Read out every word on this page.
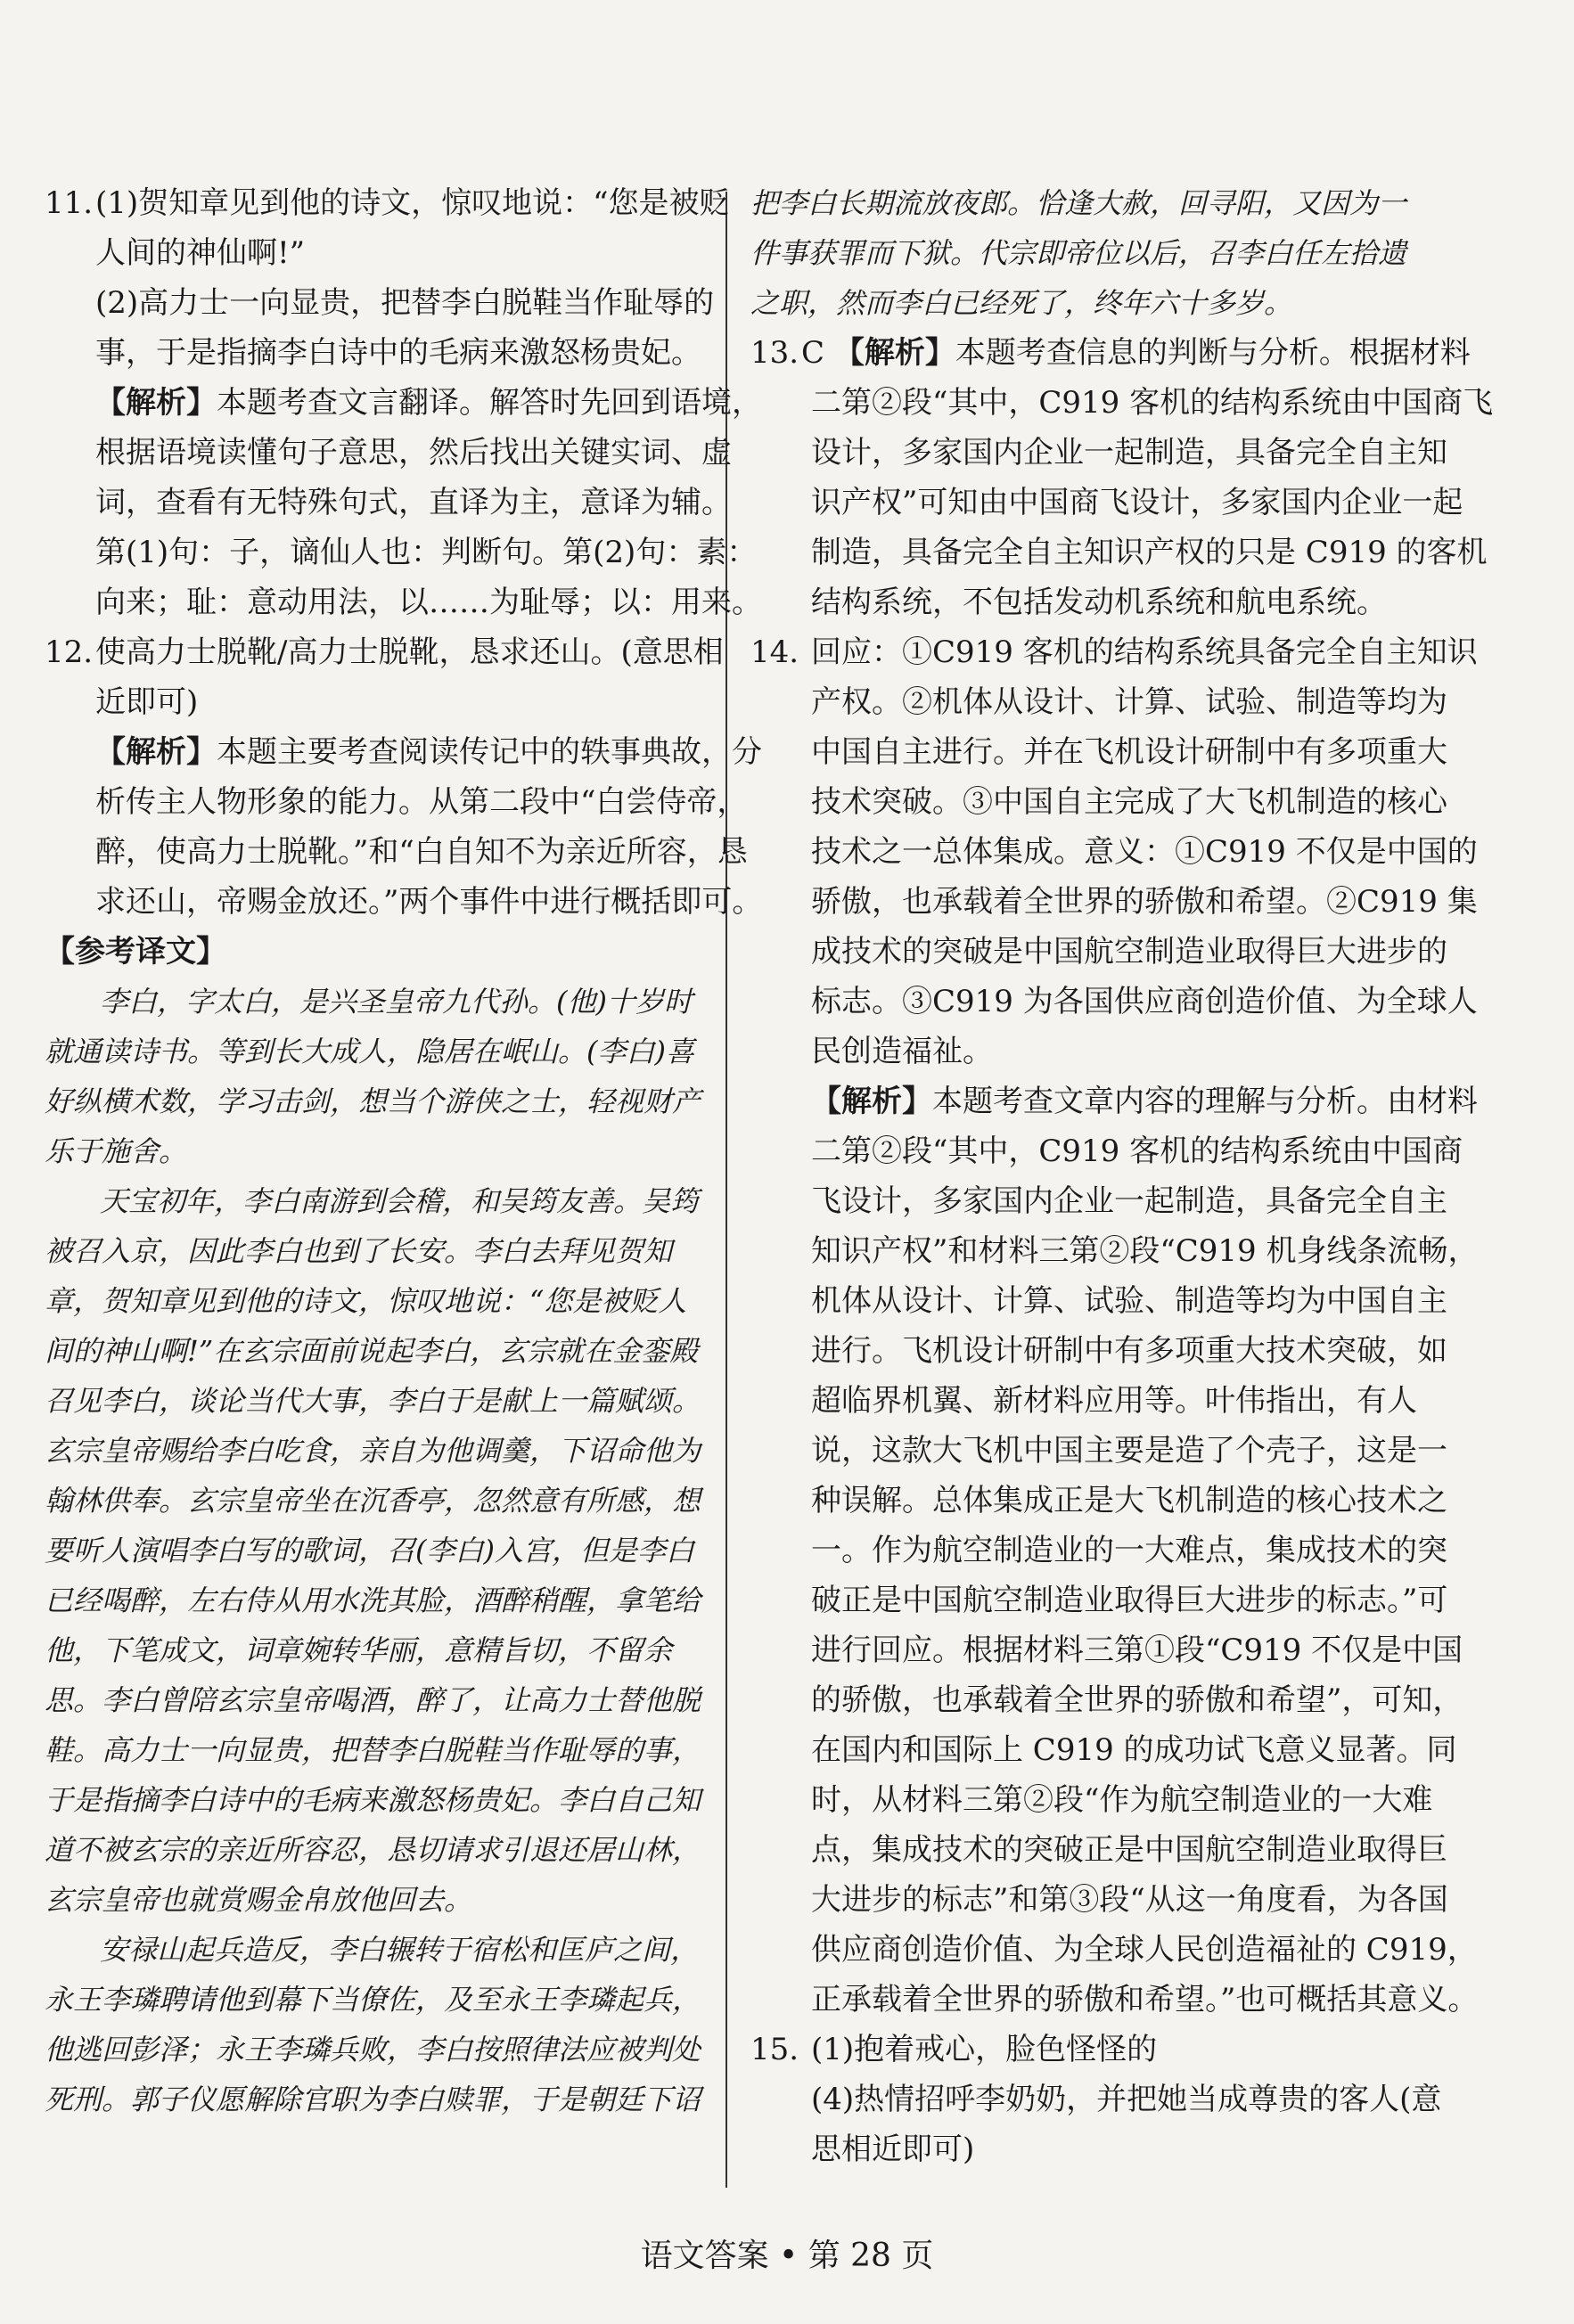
11.(1)贺知章见到他的诗文，惊叹地说：“您是被贬
人间的神仙啊!”
(2)高力士一向显贵，把替李白脱鞋当作耻辱的
事，于是指摘李白诗中的毛病来激怒杨贵妃。
【解析】本题考查文言翻译。解答时先回到语境，
根据语境读懂句子意思，然后找出关键实词、虚
词，查看有无特殊句式，直译为主，意译为辅。
第(1)句：子，谪仙人也：判断句。第(2)句：素：
向来；耻：意动用法，以……为耻辱；以：用来。
12.使高力士脱靴/高力士脱靴，恳求还山。(意思相
近即可)
【解析】本题主要考查阅读传记中的轶事典故，分
析传主人物形象的能力。从第二段中“白尝侍帝，
醉，使高力士脱靴。”和“白自知不为亲近所容，恳
求还山，帝赐金放还。”两个事件中进行概括即可。
【参考译文】
李白，字太白，是兴圣皇帝九代孙。(他)十岁时
就通读诗书。等到长大成人，隐居在岷山。(李白)喜
好纵横术数，学习击剑，想当个游侠之士，轻视财产
乐于施舍。
天宝初年，李白南游到会稽，和吴筠友善。吴筠
被召入京，因此李白也到了长安。李白去拜见贺知
章，贺知章见到他的诗文，惊叹地说：“您是被贬人
间的神山啊!”在玄宗面前说起李白，玄宗就在金銮殿
召见李白，谈论当代大事，李白于是献上一篇赋颂。
玄宗皇帝赐给李白吃食，亲自为他调羹，下诏命他为
翰林供奉。玄宗皇帝坐在沉香亭，忽然意有所感，想
要听人演唱李白写的歌词，召(李白)入宫，但是李白
已经喝醉，左右侍从用水洗其脸，酒醉稍醒，拿笔给
他，下笔成文，词章婉转华丽，意精旨切，不留余
思。李白曾陪玄宗皇帝喝酒，醉了，让高力士替他脱
鞋。高力士一向显贵，把替李白脱鞋当作耻辱的事，
于是指摘李白诗中的毛病来激怒杨贵妃。李白自己知
道不被玄宗的亲近所容忍，恳切请求引退还居山林，
玄宗皇帝也就赏赐金帛放他回去。
安禄山起兵造反，李白辗转于宿松和匡庐之间，
永王李璘聘请他到幕下当僚佐，及至永王李璘起兵，
他逃回彭泽；永王李璘兵败，李白按照律法应被判处
死刑。郭子仪愿解除官职为李白赎罪，于是朝廷下诏
把李白长期流放夜郎。恰逢大赦，回寻阳，又因为一
件事获罪而下狱。代宗即帝位以后，召李白任左拾遗
之职，然而李白已经死了，终年六十多岁。
13.C 【解析】本题考查信息的判断与分析。根据材料
二第②段“其中，C919 客机的结构系统由中国商飞
设计，多家国内企业一起制造，具备完全自主知
识产权”可知由中国商飞设计，多家国内企业一起
制造，具备完全自主知识产权的只是 C919 的客机
结构系统，不包括发动机系统和航电系统。
14. 回应：①C919 客机的结构系统具备完全自主知识
产权。②机体从设计、计算、试验、制造等均为
中国自主进行。并在飞机设计研制中有多项重大
技术突破。③中国自主完成了大飞机制造的核心
技术之一总体集成。意义：①C919 不仅是中国的
骄傲，也承载着全世界的骄傲和希望。②C919 集
成技术的突破是中国航空制造业取得巨大进步的
标志。③C919 为各国供应商创造价值、为全球人
民创造福祉。
【解析】本题考查文章内容的理解与分析。由材料
二第②段“其中，C919 客机的结构系统由中国商
飞设计，多家国内企业一起制造，具备完全自主
知识产权”和材料三第②段“C919 机身线条流畅，
机体从设计、计算、试验、制造等均为中国自主
进行。飞机设计研制中有多项重大技术突破，如
超临界机翼、新材料应用等。叶伟指出，有人
说，这款大飞机中国主要是造了个壳子，这是一
种误解。总体集成正是大飞机制造的核心技术之
一。作为航空制造业的一大难点，集成技术的突
破正是中国航空制造业取得巨大进步的标志。”可
进行回应。根据材料三第①段“C919 不仅是中国
的骄傲，也承载着全世界的骄傲和希望”，可知，
在国内和国际上 C919 的成功试飞意义显著。同
时，从材料三第②段“作为航空制造业的一大难
点，集成技术的突破正是中国航空制造业取得巨
大进步的标志”和第③段“从这一角度看，为各国
供应商创造价值、为全球人民创造福祉的 C919，
正承载着全世界的骄傲和希望。”也可概括其意义。
15. (1)抱着戒心，脸色怪怪的
(4)热情招呼李奶奶，并把她当成尊贵的客人(意
思相近即可)
语文答案 • 第 28 页
